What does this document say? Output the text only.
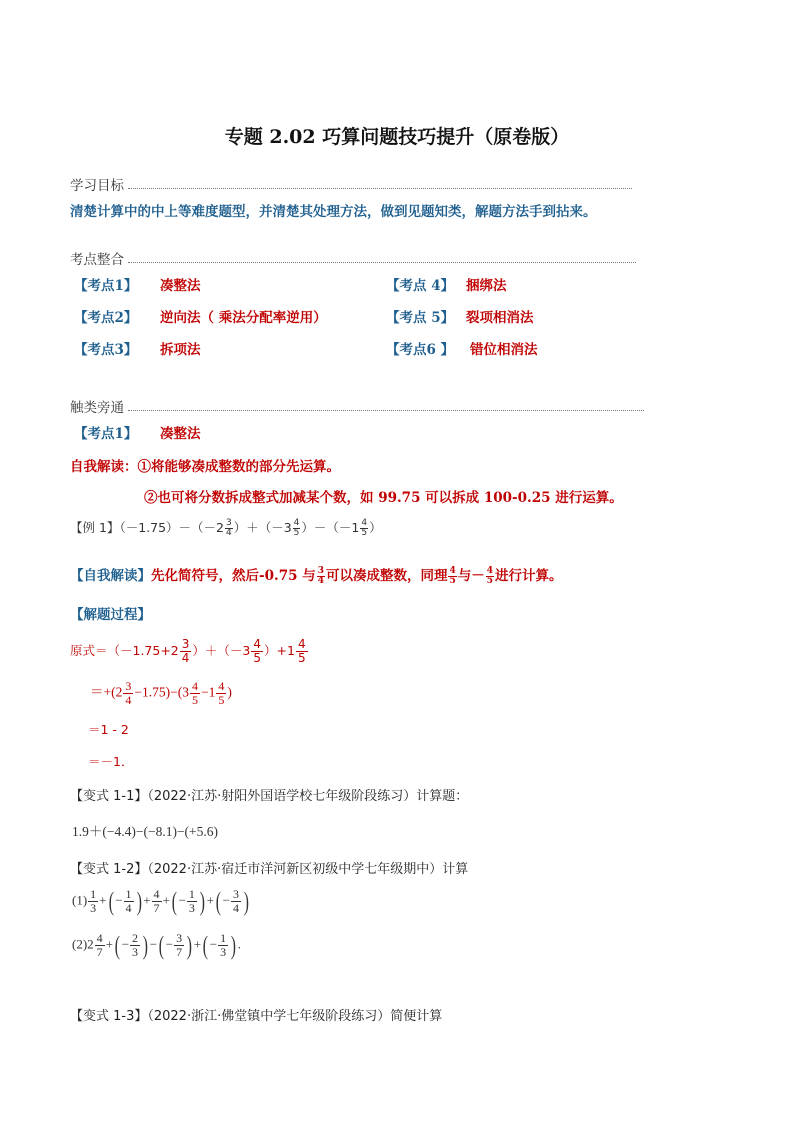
专题 2.02 巧算问题技巧提升（原卷版）
学习目标
清楚计算中的中上等难度题型，并清楚其处理方法，做到见题知类，解题方法手到拈来。
考点整合
【考点1】 凑整法	【考点 4】 捆绑法
【考点2】 逆向法（ 乘法分配率逆用）	【考点 5】 裂项相消法
【考点3】 拆项法	【考点6 】 错位相消法
触类旁通
【考点1】 凑整法
自我解读：①将能够凑成整数的部分先运算。
②也可将分数拆成整式加减某个数，如 99.75 可以拆成 100-0.25 进行运算。
【例 1】$(-1.75)-(-2 \frac{3}{4} )+(-3 \frac{4}{5} )-(-1 \frac{4}{5}$ ）
【自我解读】先化简符号，然后-0.75 与 $\frac{3}{4}$ 可以凑成整数，同理 $\frac{4}{5}$ 与－ $\frac{4}{5}$ 进行计算。
【解题过程】
原式$=(-1.75+2 \frac{3}{4} )+(-3 \frac{4}{5} )+1 \frac{4}{5}$
$=+(2 \frac{3}{4} -1.75)-(3 \frac{4}{5} -1 \frac{4}{5}$ )
＝1 - 2
＝－1．
【变式 1-1】（2022·江苏·射阳外国语学校七年级阶段练习）计算题：
1.9＋(−4.4)−(−8.1)−(+5.6)
【变式 1-2】（2022·江苏·宿迁市洋河新区初级中学七年级期中）计算
$(1) \frac{1}{3}$ +( − $\frac{1}{4}$ ) + $\frac{4}{7}$ +( − $\frac{1}{3}$ ) +( − $\frac{3}{4}$ )
$(2)2 \frac{4}{7}$ +( − $\frac{2}{3}$ ) −( − $\frac{3}{7}$ ) +( − $\frac{1}{3}$ ) .
【变式 1-3】（2022·浙江·佛堂镇中学七年级阶段练习）简便计算
